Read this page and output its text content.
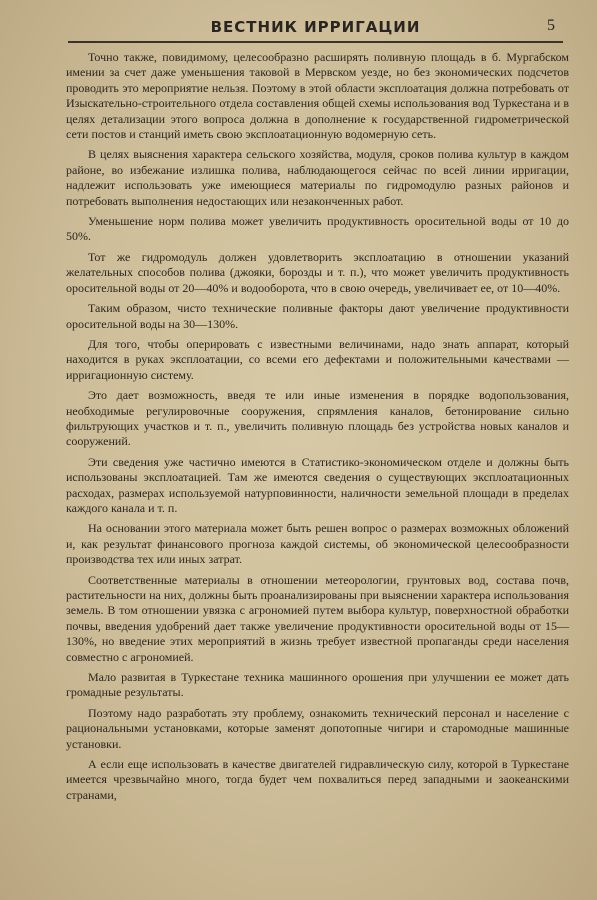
ВЕСТНИК ИРРИГАЦИИ	5

Точно также, повидимому, целесообразно расширять поливную площадь в б. Мургабском имении за счет даже уменьшения таковой в Мервском уезде, но без экономических подсчетов проводить это мероприятие нельзя. Поэтому в этой области эксплоатация должна потребовать от Изыскательно-строительного отдела составления общей схемы использования вод Туркестана и в целях детализации этого вопроса должна в дополнение к государственной гидрометрической сети постов и станций иметь свою эксплоатационную водомерную сеть.

В целях выяснения характера сельского хозяйства, модуля, сроков полива культур в каждом районе, во избежание излишка полива, наблюдающегося сейчас по всей линии ирригации, надлежит использовать уже имеющиеся материалы по гидромодулю разных районов и потребовать выполнения недостающих или незаконченных работ.

Уменьшение норм полива может увеличить продуктивность оросительной воды от 10 до 50%.

Тот же гидромодуль должен удовлетворить эксплоатацию в отношении указаний желательных способов полива (джояки, борозды и т. п.), что может увеличить продуктивность оросительной воды от 20—40% и водооборота, что в свою очередь, увеличивает ее, от 10—40%.

Таким образом, чисто технические поливные факторы дают увеличение продуктивности оросительной воды на 30—130%.

Для того, чтобы оперировать с известными величинами, надо знать аппарат, который находится в руках эксплоатации, со всеми его дефектами и положительными качествами — ирригационную систему.

Это дает возможность, введя те или иные изменения в порядке водопользования, необходимые регулировочные сооружения, спрямления каналов, бетонирование сильно фильтрующих участков и т. п., увеличить поливную площадь без устройства новых каналов и сооружений.

Эти сведения уже частично имеются в Статистико-экономическом отделе и должны быть использованы эксплоатацией. Там же имеются сведения о существующих эксплоатационных расходах, размерах используемой натурповинности, наличности земельной площади в пределах каждого канала и т. п.

На основании этого материала может быть решен вопрос о размерах возможных обложений и, как результат финансового прогноза каждой системы, об экономической целесообразности производства тех или иных затрат.

Соответственные материалы в отношении метеорологии, грунтовых вод, состава почв, растительности на них, должны быть проанализированы при выяснении характера использования земель. В том отношении увязка с агрономией путем выбора культур, поверхностной обработки почвы, введения удобрений дает также увеличение продуктивности оросительной воды от 15—130%, но введение этих мероприятий в жизнь требует известной пропаганды среди населения совместно с агрономией.

Мало развитая в Туркестане техника машинного орошения при улучшении ее может дать громадные результаты.

Поэтому надо разработать эту проблему, ознакомить технический персонал и население с рациональными установками, которые заменят допотопные чигири и старомодные машинные установки.

А если еще использовать в качестве двигателей гидравлическую силу, которой в Туркестане имеется чрезвычайно много, тогда будет чем похвалиться перед западными и заокеанскими странами,
